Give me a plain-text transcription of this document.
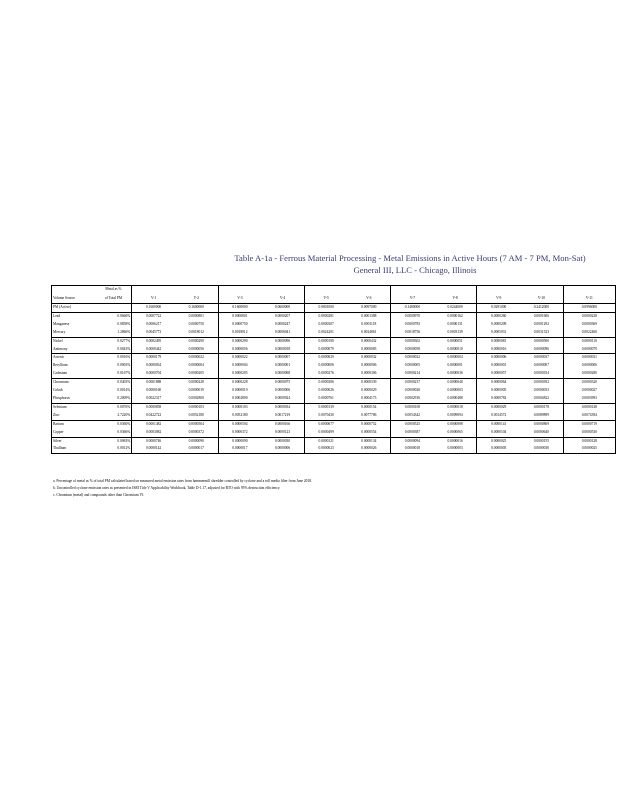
Table A-1a - Ferrous Material Processing - Metal Emissions in Active Hours (7 AM - 7 PM, Mon-Sat)
General III, LLC - Chicago, Illinois
	Metal as %											
Volume Source	of Total PM	V-1	V-2	V-3	V-4	V-5	V-6	V-7	V-8	V-9	V-10	V-11
PM (Active)		0.1600000	0.1600000	0.1600000	0.0600000	0.0801000	0.0097000	0.1480000	0.0244000	0.0291000	0.2412000	0.0996000
Lead	0.0666%	0.0007722	0.0000801	0.0000801	0.0000207	0.0000281	0.0001388	0.0000970	0.0000162	0.0000260	0.0001606	0.0000228
Manganese	0.0858%	0.0006217	0.0000750	0.0000750	0.0000247	0.0000307	0.0001118	0.0000783	0.0000131	0.0000209	0.0001292	0.0000369
Mercury	1.2866%	0.0045773	0.0018012	0.0018012	0.0006941	0.0024201	0.0024861	0.0018756	0.0003139	0.0005031	0.0031523	0.0022460
Nickel	0.0277%	0.0002495	0.0000290	0.0000290	0.0000096	0.0000190	0.0000432	0.0000302	0.0000051	0.0000081	0.0000500	0.0000110
Antimony	0.0043%	0.0000442	0.0000056	0.0000056	0.0000018	0.0000079	0.0000083	0.0000058	0.0000010	0.0000016	0.0000096	0.0000079
Arsenic	0.0016%	0.0000179	0.0000022	0.0000022	0.0000007	0.0000029	0.0000032	0.0000022	0.0000004	0.0000006	0.0000037	0.0000031
Beryllium	0.0003%	0.0000034	0.0000004	0.0000004	0.0000001	0.0000006	0.0000006	0.0000005	0.0000001	0.0000001	0.0000007	0.0000006
Cadmium	0.0167%	0.0000704	0.0000205	0.0000205	0.0000068	0.0000276	0.0000306	0.0000214	0.0000036	0.0000057	0.0000354	0.0000280
Chromium	0.0403%	0.0001888	0.0000228	0.0000228	0.0000075	0.0000306	0.0000339	0.0000237	0.0000040	0.0000064	0.0000392	0.0000320
Cobalt	0.0014%	0.0000160	0.0000019	0.0000019	0.0000006	0.0000026	0.0000029	0.0000020	0.0000003	0.0000005	0.0000033	0.0000027
Phosphorus	0.2009%	0.0022317	0.0002800	0.0002800	0.0000924	0.0000761	0.0004173	0.0002916	0.0000488	0.0000782	0.0004822	0.0003993
Selenium	0.0076%	0.0000858	0.0000103	0.0000103	0.0000034	0.0000139	0.0000154	0.0000108	0.0000018	0.0000029	0.0000178	0.0000148
Zinc	2.7220%	0.0422722	0.0052180	0.0052180	0.0017219	0.0070430	0.0077786	0.0054342	0.0009094	0.0014572	0.0089899	0.0074394
Barium	0.0360%	0.0001482	0.0000504	0.0000504	0.0000166	0.0000677	0.0000752	0.0000525	0.0000088	0.0000141	0.0000869	0.0000719
Copper	0.0366%	0.0003082	0.0000372	0.0000372	0.0000123	0.0000499	0.0000554	0.0000387	0.0000065	0.0000104	0.0000640	0.0000530
Silver	0.0063%	0.0000746	0.0000090	0.0000090	0.0000030	0.0000121	0.0000134	0.0000094	0.0000016	0.0000025	0.0000155	0.0000128
Thallium	0.0012%	0.0000142	0.0000017	0.0000017	0.0000006	0.0000023	0.0000026	0.0000018	0.0000003	0.0000005	0.0000030	0.0000025
a. Percentage of metal as % of total PM calculated based on measured metal emission rates from hammermill shredder controlled by cyclone and a roll media filter from June 2018.
b. Uncontrolled cyclone emission rates as presented in ISRI Title V Applicability Workbook, Table D-1.17, adjusted for RTO with 95% destruction efficiency.
c. Chromium (metal) and compounds other than Chromium VI.
